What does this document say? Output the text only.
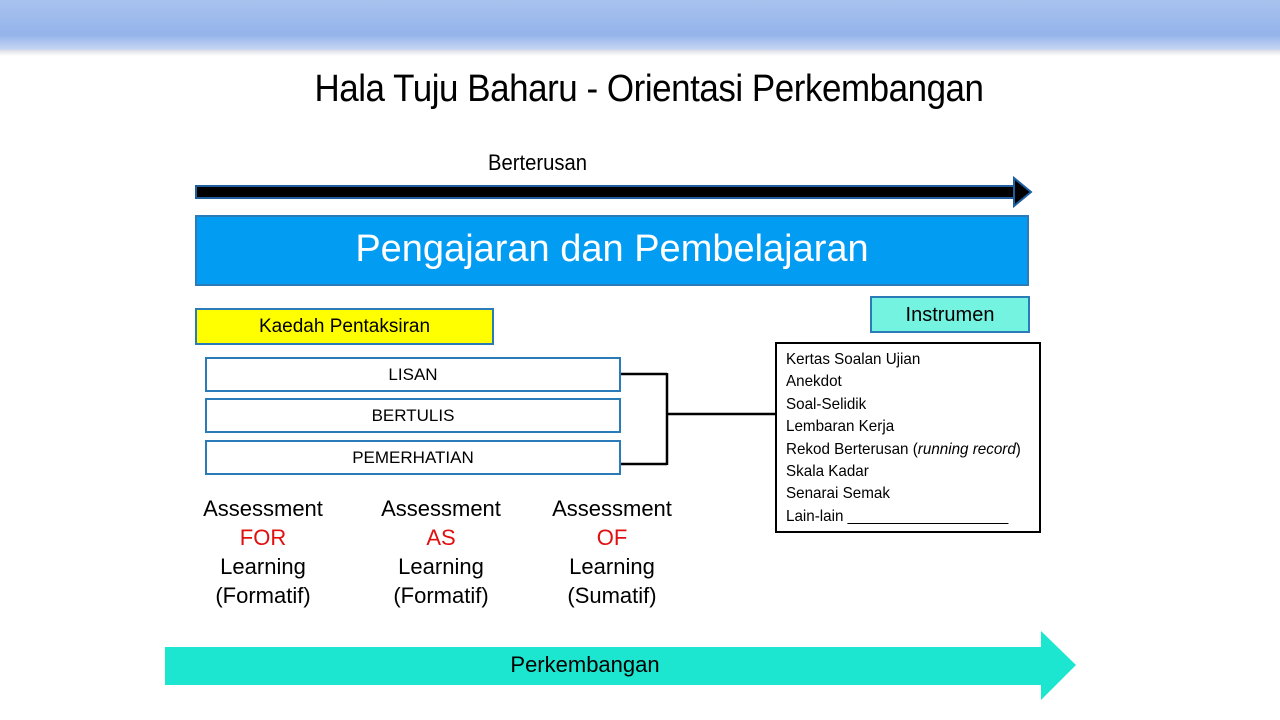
Hala Tuju Baharu - Orientasi Perkembangan
Berterusan
Pengajaran dan Pembelajaran
Kaedah Pentaksiran
Instrumen
LISAN
BERTULIS
PEMERHATIAN
Kertas Soalan Ujian
Anekdot
Soal-Selidik
Lembaran Kerja
Rekod Berterusan (running record)
Skala Kadar
Senarai Semak
Lain-lain ___________________
Assessment
FOR
Learning
(Formatif)
Assessment
AS
Learning
(Formatif)
Assessment
OF
Learning
(Sumatif)
Perkembangan
